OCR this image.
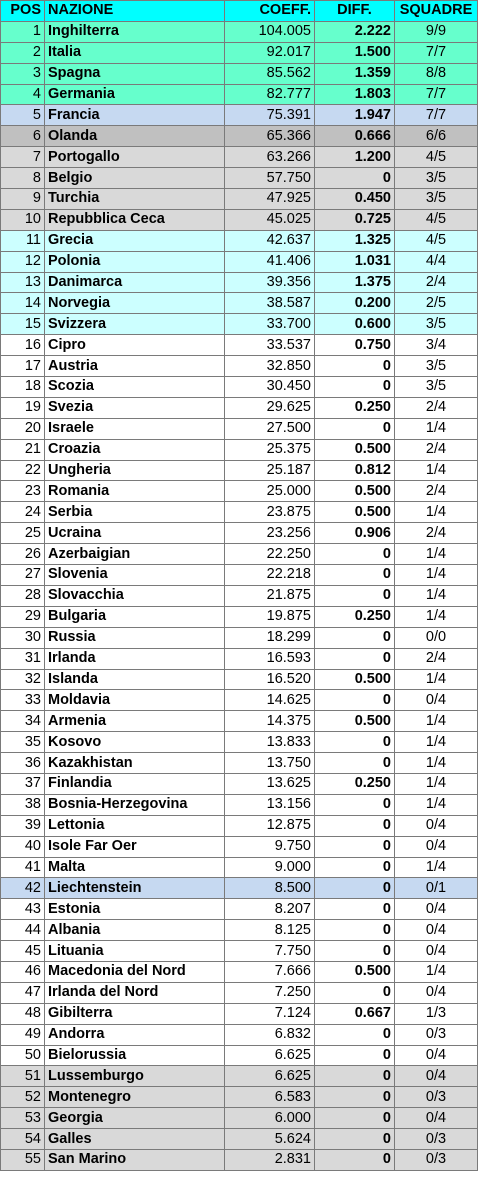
POS	NAZIONE	COEFF.	DIFF.	SQUADRE
1	Inghilterra	104.005	2.222	9/9
2	Italia	92.017	1.500	7/7
3	Spagna	85.562	1.359	8/8
4	Germania	82.777	1.803	7/7
5	Francia	75.391	1.947	7/7
6	Olanda	65.366	0.666	6/6
7	Portogallo	63.266	1.200	4/5
8	Belgio	57.750	0	3/5
9	Turchia	47.925	0.450	3/5
10	Repubblica Ceca	45.025	0.725	4/5
11	Grecia	42.637	1.325	4/5
12	Polonia	41.406	1.031	4/4
13	Danimarca	39.356	1.375	2/4
14	Norvegia	38.587	0.200	2/5
15	Svizzera	33.700	0.600	3/5
16	Cipro	33.537	0.750	3/4
17	Austria	32.850	0	3/5
18	Scozia	30.450	0	3/5
19	Svezia	29.625	0.250	2/4
20	Israele	27.500	0	1/4
21	Croazia	25.375	0.500	2/4
22	Ungheria	25.187	0.812	1/4
23	Romania	25.000	0.500	2/4
24	Serbia	23.875	0.500	1/4
25	Ucraina	23.256	0.906	2/4
26	Azerbaigian	22.250	0	1/4
27	Slovenia	22.218	0	1/4
28	Slovacchia	21.875	0	1/4
29	Bulgaria	19.875	0.250	1/4
30	Russia	18.299	0	0/0
31	Irlanda	16.593	0	2/4
32	Islanda	16.520	0.500	1/4
33	Moldavia	14.625	0	0/4
34	Armenia	14.375	0.500	1/4
35	Kosovo	13.833	0	1/4
36	Kazakhistan	13.750	0	1/4
37	Finlandia	13.625	0.250	1/4
38	Bosnia-Herzegovina	13.156	0	1/4
39	Lettonia	12.875	0	0/4
40	Isole Far Oer	9.750	0	0/4
41	Malta	9.000	0	1/4
42	Liechtenstein	8.500	0	0/1
43	Estonia	8.207	0	0/4
44	Albania	8.125	0	0/4
45	Lituania	7.750	0	0/4
46	Macedonia del Nord	7.666	0.500	1/4
47	Irlanda del Nord	7.250	0	0/4
48	Gibilterra	7.124	0.667	1/3
49	Andorra	6.832	0	0/3
50	Bielorussia	6.625	0	0/4
51	Lussemburgo	6.625	0	0/4
52	Montenegro	6.583	0	0/3
53	Georgia	6.000	0	0/4
54	Galles	5.624	0	0/3
55	San Marino	2.831	0	0/3
